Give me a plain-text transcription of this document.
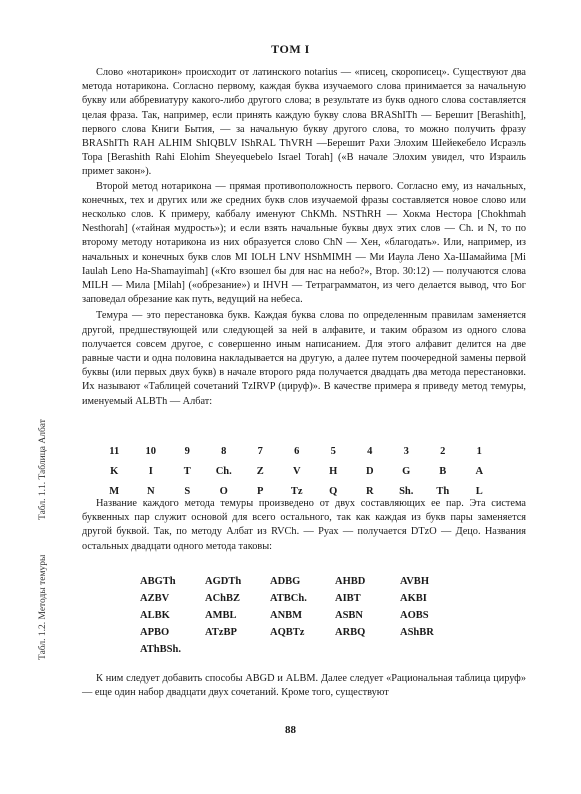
ТОМ I

Слово «нотарикон» происходит от латинского notarius — «писец, скорописец». Существуют два метода нотарикона. Согласно первому, каждая буква изучаемого слова принимается за начальную букву или аббревиатуру какого-либо другого слова; в результате из букв одного слова составляется целая фраза. Так, например, если принять каждую букву слова BRAShITh — Берешит [Berashith], первого слова Книги Бытия, — за начальную букву другого слова, то можно получить фразу BRAShITh RAH ALHIM ShIQBLV IShRAL ThVRH —Берешит Рахи Элохим Шейекебело Исраэль Тора [Berashith Rahi Elohim Sheyequebelo Israel Torah] («В начале Элохим увидел, что Израиль примет закон»).

Второй метод нотарикона — прямая противоположность первого. Согласно ему, из начальных, конечных, тех и других или же средних букв слов изучаемой фразы составляется новое слово или несколько слов. К примеру, каббалу именуют ChKMh. NSThRH — Хокма Нестора [Chokhmah Nesthorah] («тайная мудрость»); и если взять начальные буквы двух этих слов — Ch. и N, то по второму методу нотарикона из них образуется слово ChN — Хен, «благодать». Или, например, из начальных и конечных букв слов MI IOLH LNV HShMIMH — Ми Иаула Лено Ха-Шамайима [Mi Iaulah Leno Ha-Shamayimah] («Кто взошел бы для нас на небо?», Втор. 30:12) — получаются слова MILH — Мила [Milah] («обрезание») и IHVH — Тетраграмматон, из чего делается вывод, что Бог заповедал обрезание как путь, ведущий на небеса.

Темура — это перестановка букв. Каждая буква слова по определенным правилам заменяется другой, предшествующей или следующей за ней в алфавите, и таким образом из одного слова получается совсем другое, с совершенно иным написанием. Для этого алфавит делится на две равные части и одна половина накладывается на другую, а далее путем поочередной замены первой буквы (или первых двух букв) в начале второго ряда получается двадцать два метода перестановки. Их называют «Таблицей сочетаний TzIRVP (цируф)». В качестве примера я приведу метод темуры, именуемый ALBTh — Албат:

Табл. 1.1. Таблица Албат	11	10	9	8	7	6	5	4	3	2	1
K	I	T	Ch.	Z	V	H	D	G	B	A
M	N	S	O	P	Tz	Q	R	Sh.	Th	L

Название каждого метода темуры произведено от двух составляющих ее пар. Эта система буквенных пар служит основой для всего остального, так как каждая из букв пары заменяется другой буквой. Так, по методу Албат из RVCh. — Руах — получается DTzO — Децо. Названия остальных двадцати одного метода таковы:

Табл. 1.2. Методы темуры	ABGTh	AGDTh	ADBG	AHBD	AVBH
AZBV	AChBZ	ATBCh.	AIBT	AKBI
ALBK	AMBL	ANBM	ASBN	AOBS
APBO	ATzBP	AQBTz	ARBQ	AShBR
AThBSh.

К ним следует добавить способы ABGD и ALBM. Далее следует «Рациональная таблица цируф» — еще один набор двадцати двух сочетаний. Кроме того, существуют

88
